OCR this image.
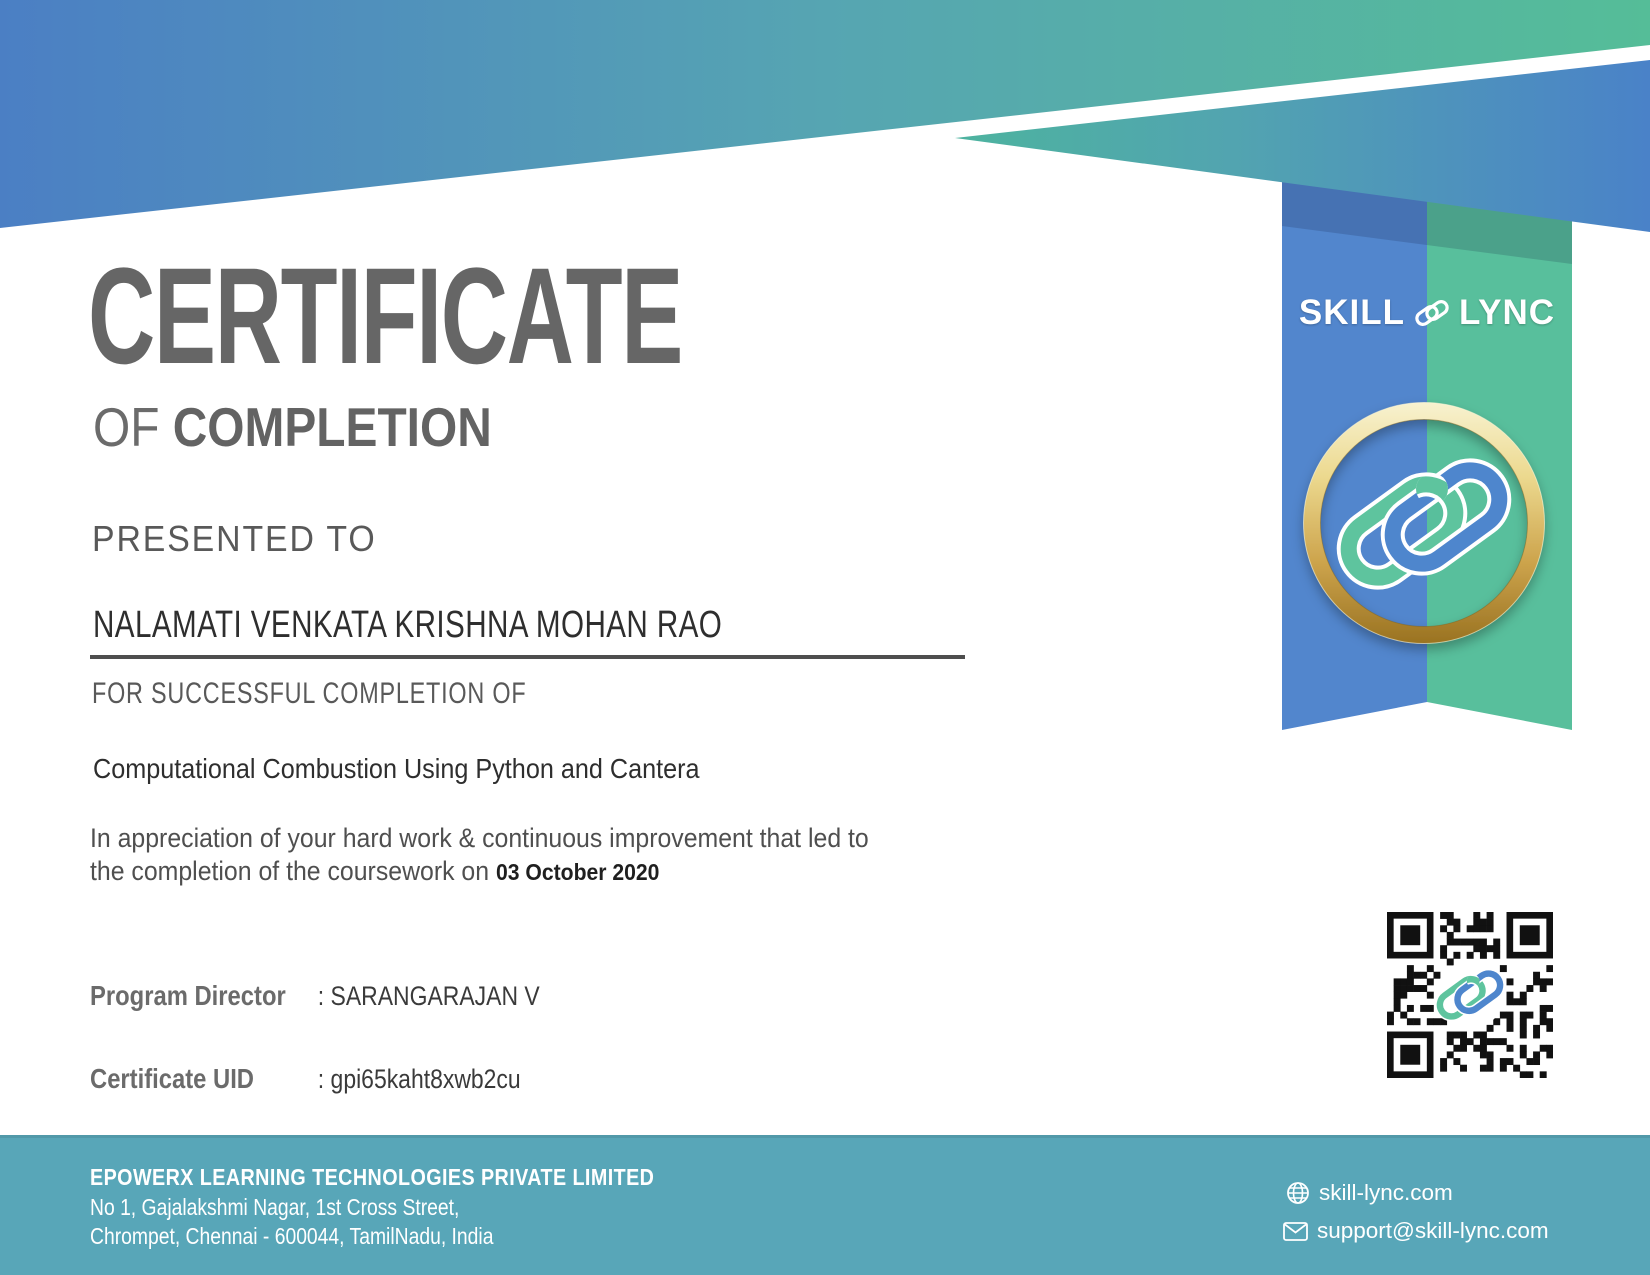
SKILL LYNC
CERTIFICATE
OF COMPLETION
PRESENTED TO
NALAMATI VENKATA KRISHNA MOHAN RAO
FOR SUCCESSFUL COMPLETION OF
Computational Combustion Using Python and Cantera
In appreciation of your hard work & continuous improvement that led to
the completion of the coursework on 03 October 2020
Program Director : SARANGARAJAN V
Certificate UID : gpi65kaht8xwb2cu
EPOWERX LEARNING TECHNOLOGIES PRIVATE LIMITED
No 1, Gajalakshmi Nagar, 1st Cross Street,
Chrompet, Chennai - 600044, TamilNadu, India
skill-lync.com
support@skill-lync.com
